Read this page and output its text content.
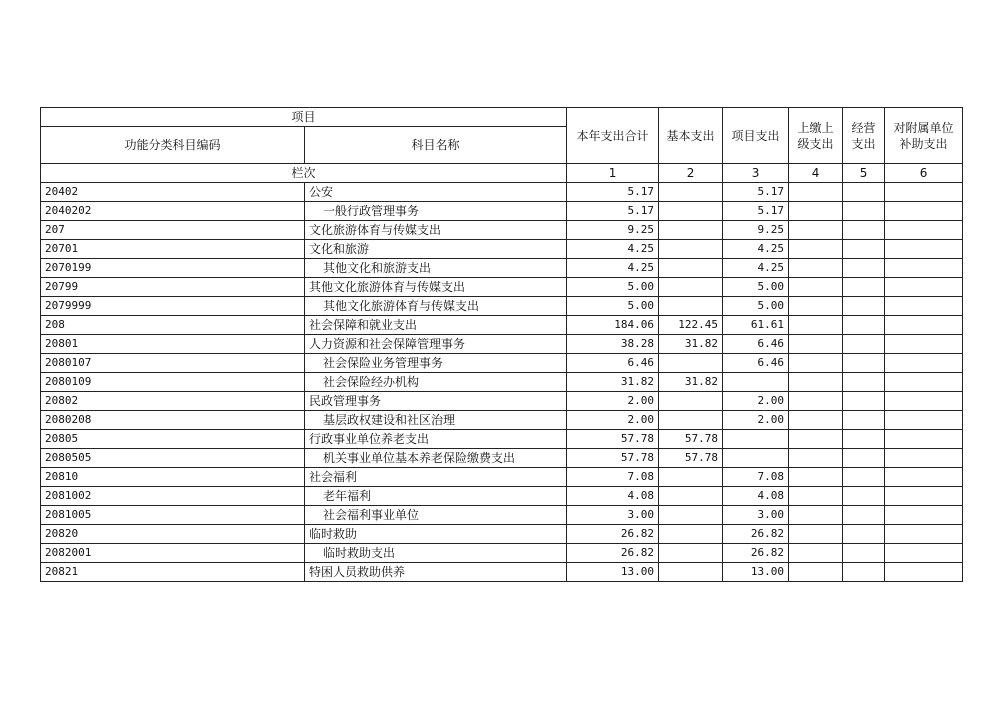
项目		本年支出合计	基本支出	项目支出	上缴上级支出	经营支出	对附属单位补助支出
功能分类科目编码	科目名称						
栏次		1	2	3	4	5	6
20402	公安	5.17		5.17			
2040202	一般行政管理事务	5.17		5.17			
207	文化旅游体育与传媒支出	9.25		9.25			
20701	文化和旅游	4.25		4.25			
2070199	其他文化和旅游支出	4.25		4.25			
20799	其他文化旅游体育与传媒支出	5.00		5.00			
2079999	其他文化旅游体育与传媒支出	5.00		5.00			
208	社会保障和就业支出	184.06	122.45	61.61			
20801	人力资源和社会保障管理事务	38.28	31.82	6.46			
2080107	社会保险业务管理事务	6.46		6.46			
2080109	社会保险经办机构	31.82	31.82				
20802	民政管理事务	2.00		2.00			
2080208	基层政权建设和社区治理	2.00		2.00			
20805	行政事业单位养老支出	57.78	57.78				
2080505	机关事业单位基本养老保险缴费支出	57.78	57.78				
20810	社会福利	7.08		7.08			
2081002	老年福利	4.08		4.08			
2081005	社会福利事业单位	3.00		3.00			
20820	临时救助	26.82		26.82			
2082001	临时救助支出	26.82		26.82			
20821	特困人员救助供养	13.00		13.00			
